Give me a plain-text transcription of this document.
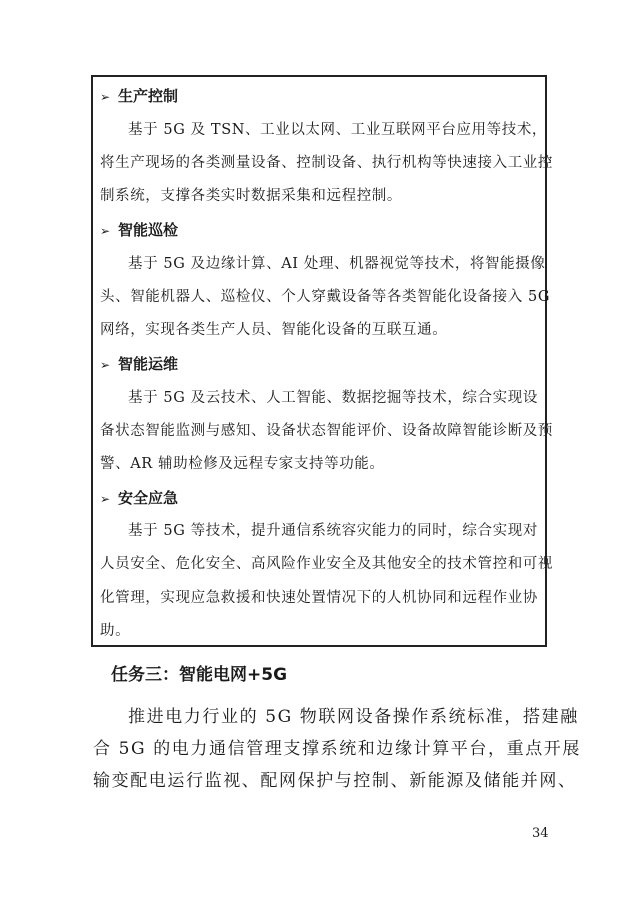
➢ 生产控制
基于 5G 及 TSN、工业以太网、工业互联网平台应用等技术，
将生产现场的各类测量设备、控制设备、执行机构等快速接入工业控
制系统，支撑各类实时数据采集和远程控制。
➢ 智能巡检
基于 5G 及边缘计算、AI 处理、机器视觉等技术，将智能摄像
头、智能机器人、巡检仪、个人穿戴设备等各类智能化设备接入 5G
网络，实现各类生产人员、智能化设备的互联互通。
➢ 智能运维
基于 5G 及云技术、人工智能、数据挖掘等技术，综合实现设
备状态智能监测与感知、设备状态智能评价、设备故障智能诊断及预
警、AR 辅助检修及远程专家支持等功能。
➢ 安全应急
基于 5G 等技术，提升通信系统容灾能力的同时，综合实现对
人员安全、危化安全、高风险作业安全及其他安全的技术管控和可视
化管理，实现应急救援和快速处置情况下的人机协同和远程作业协
助。
任务三：智能电网+5G
推进电力行业的 5G 物联网设备操作系统标准，搭建融
合 5G 的电力通信管理支撑系统和边缘计算平台，重点开展
输变配电运行监视、配网保护与控制、新能源及储能并网、
34
